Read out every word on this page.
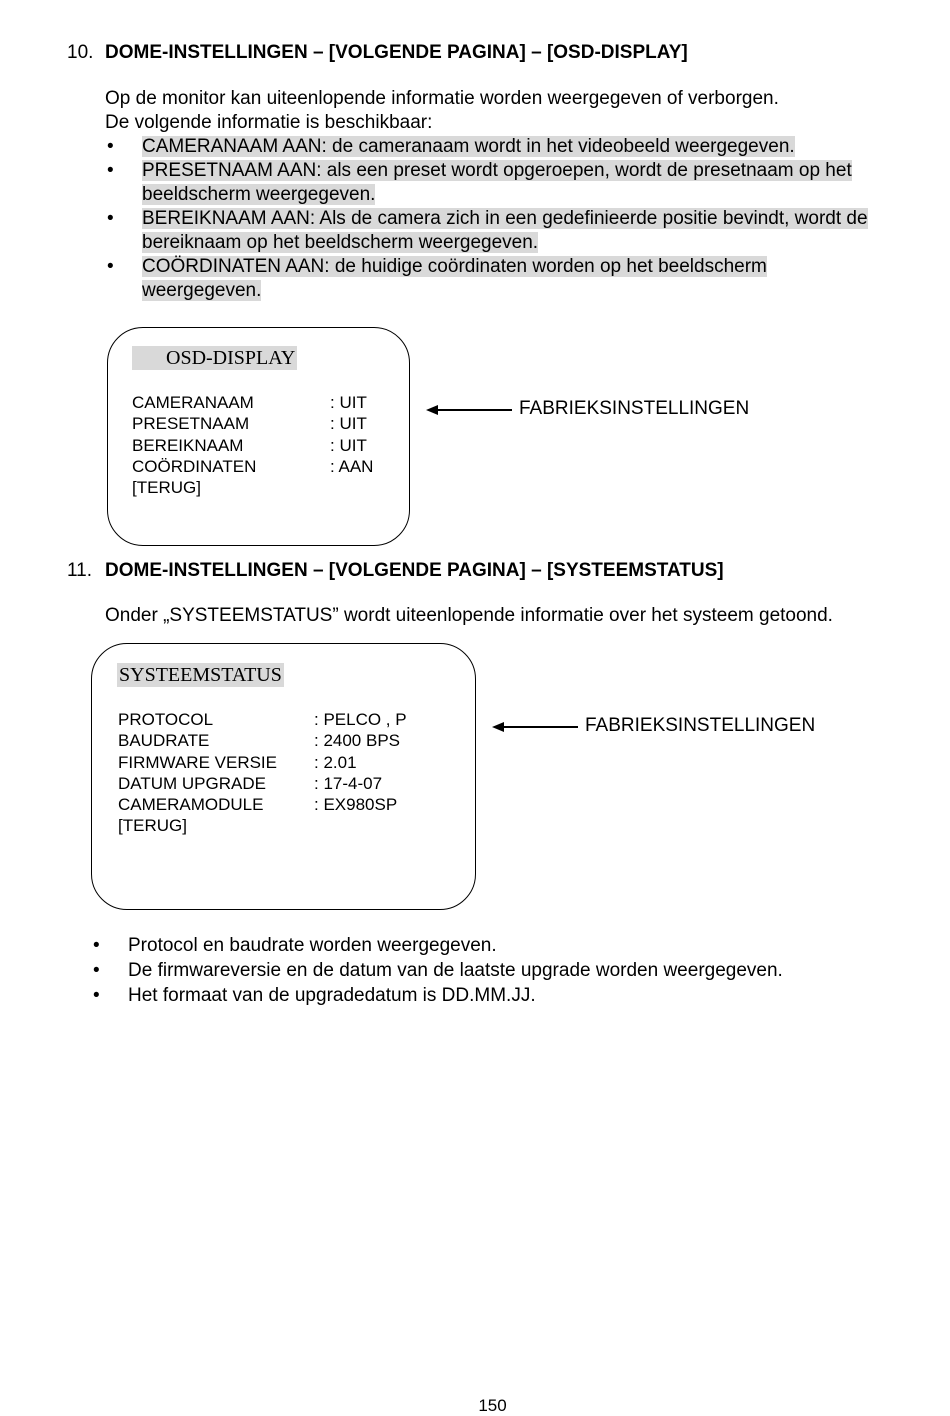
10. DOME-INSTELLINGEN – [VOLGENDE PAGINA] – [OSD-DISPLAY]
Op de monitor kan uiteenlopende informatie worden weergegeven of verborgen.
De volgende informatie is beschikbaar:
• CAMERANAAM AAN: de cameranaam wordt in het videobeeld weergegeven.
• PRESETNAAM AAN: als een preset wordt opgeroepen, wordt de presetnaam op het beeldscherm weergegeven.
• BEREIKNAAM AAN: Als de camera zich in een gedefinieerde positie bevindt, wordt de bereiknaam op het beeldscherm weergegeven.
• COÖRDINATEN AAN: de huidige coördinaten worden op het beeldscherm weergegeven.
OSD-DISPLAY
CAMERANAAM	: UIT
PRESETNAAM	: UIT
BEREIKNAAM	: UIT
COÖRDINATEN	: AAN
[TERUG]
FABRIEKSINSTELLINGEN
11. DOME-INSTELLINGEN – [VOLGENDE PAGINA] – [SYSTEEMSTATUS]
Onder „SYSTEEMSTATUS” wordt uiteenlopende informatie over het systeem getoond.
SYSTEEMSTATUS
PROTOCOL	: PELCO , P
BAUDRATE	: 2400 BPS
FIRMWARE VERSIE	: 2.01
DATUM UPGRADE	: 17-4-07
CAMERAMODULE	: EX980SP
[TERUG]
FABRIEKSINSTELLINGEN
• Protocol en baudrate worden weergegeven.
• De firmwareversie en de datum van de laatste upgrade worden weergegeven.
• Het formaat van de upgradedatum is DD.MM.JJ.
150
